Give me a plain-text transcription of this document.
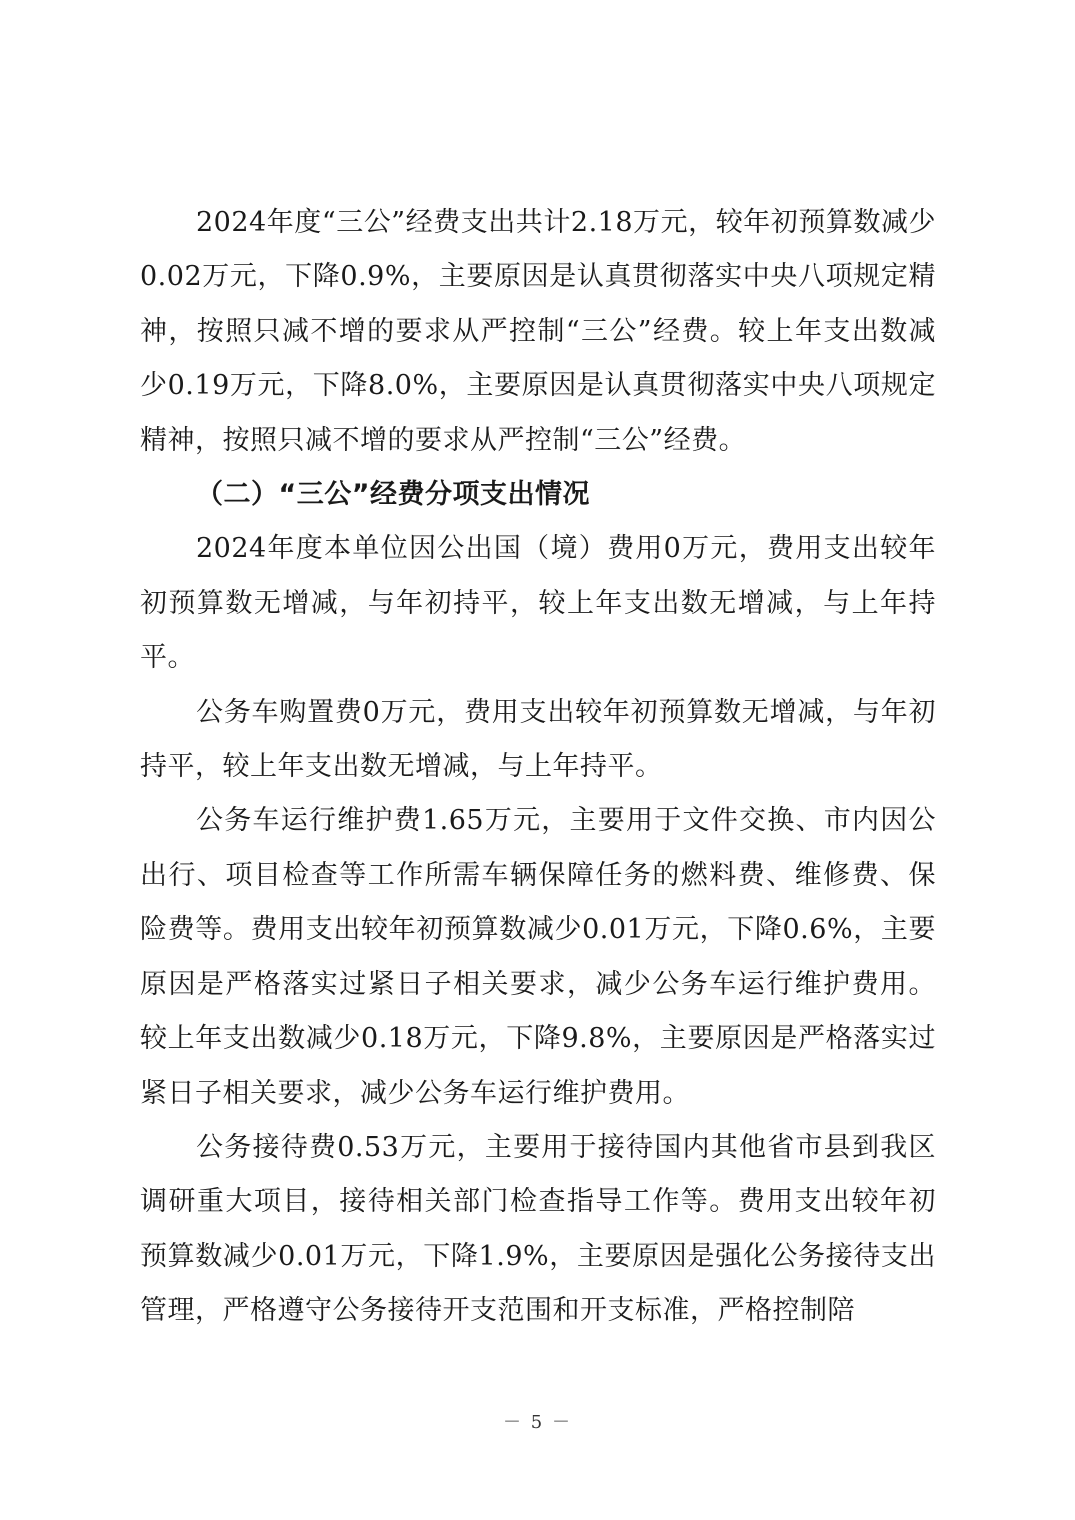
2024年度“三公”经费支出共计2.18万元，较年初预算数减少0.02万元，下降0.9%，主要原因是认真贯彻落实中央八项规定精神，按照只减不增的要求从严控制“三公”经费。较上年支出数减少0.19万元，下降8.0%，主要原因是认真贯彻落实中央八项规定精神，按照只减不增的要求从严控制“三公”经费。

（二）“三公”经费分项支出情况

2024年度本单位因公出国（境）费用0万元，费用支出较年初预算数无增减，与年初持平，较上年支出数无增减，与上年持平。

公务车购置费0万元，费用支出较年初预算数无增减，与年初持平，较上年支出数无增减，与上年持平。

公务车运行维护费1.65万元，主要用于文件交换、市内因公出行、项目检查等工作所需车辆保障任务的燃料费、维修费、保险费等。费用支出较年初预算数减少0.01万元，下降0.6%，主要原因是严格落实过紧日子相关要求，减少公务车运行维护费用。较上年支出数减少0.18万元，下降9.8%，主要原因是严格落实过紧日子相关要求，减少公务车运行维护费用。

公务接待费0.53万元，主要用于接待国内其他省市县到我区调研重大项目，接待相关部门检查指导工作等。费用支出较年初预算数减少0.01万元，下降1.9%，主要原因是强化公务接待支出管理，严格遵守公务接待开支范围和开支标准，严格控制陪

－ 5 －
